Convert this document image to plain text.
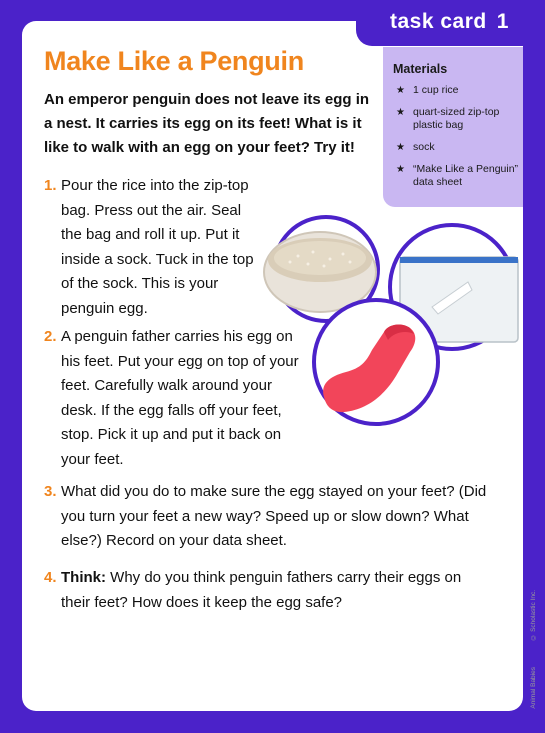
task card 1
Materials
★ 1 cup rice
★ quart-sized zip-top plastic bag
★ sock
★ “Make Like a Penguin” data sheet
Make Like a Penguin
An emperor penguin does not leave its egg in a nest. It carries its egg on its feet! What is it like to walk with an egg on your feet? Try it!
1. Pour the rice into the zip-top bag. Press out the air. Seal the bag and roll it up. Put it inside a sock. Tuck in the top of the sock. This is your penguin egg.
2. A penguin father carries his egg on his feet. Put your egg on top of your feet. Carefully walk around your desk. If the egg falls off your feet, stop. Pick it up and put it back on your feet.
3. What did you do to make sure the egg stayed on your feet? (Did you turn your feet a new way? Speed up or slow down? What else?) Record on your data sheet.
4. Think: Why do you think penguin fathers carry their eggs on their feet? How does it keep the egg safe?	© Scholastic Inc.
Animal Babies
